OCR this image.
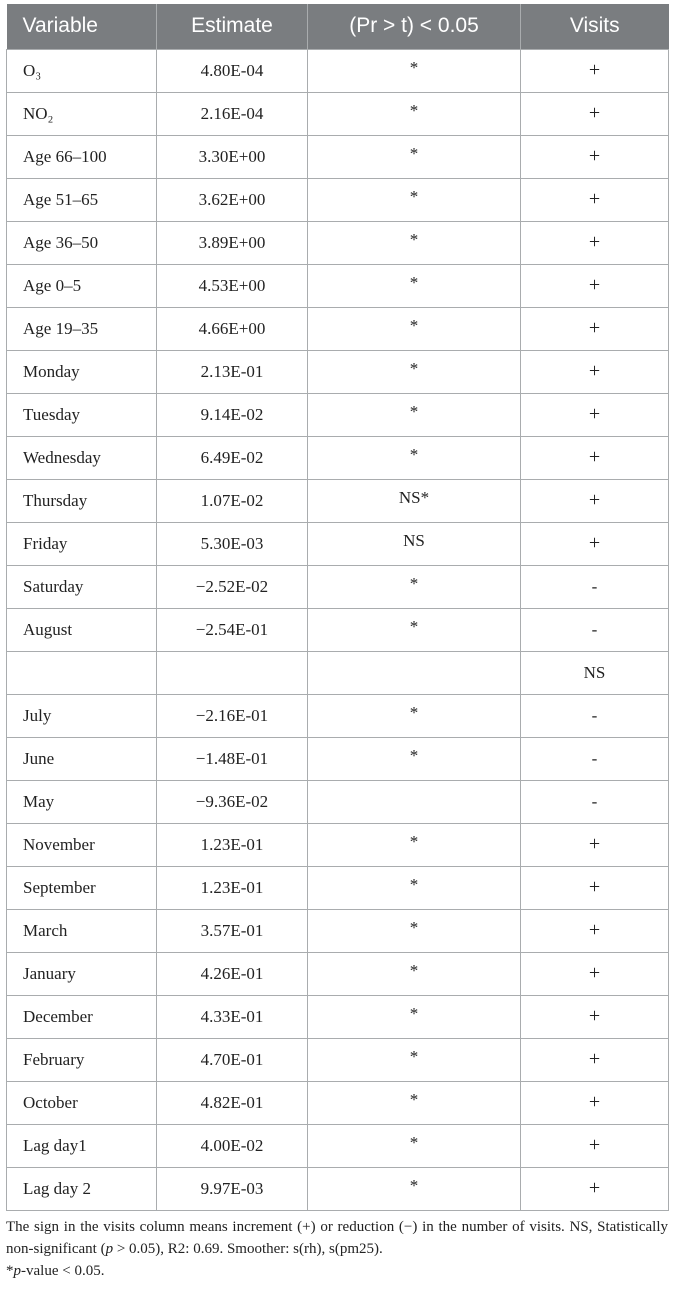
Variable	Estimate	(Pr > t) < 0.05	Visits
O₃	4.80E-04	*	+
NO₂	2.16E-04	*	+
Age 66–100	3.30E+00	*	+
Age 51–65	3.62E+00	*	+
Age 36–50	3.89E+00	*	+
Age 0–5	4.53E+00	*	+
Age 19–35	4.66E+00	*	+
Monday	2.13E-01	*	+
Tuesday	9.14E-02	*	+
Wednesday	6.49E-02	*	+
Thursday	1.07E-02	NS*	+
Friday	5.30E-03	NS	+
Saturday	−2.52E-02	*	-
August	−2.54E-01	*	-
			NS
July	−2.16E-01	*	-
June	−1.48E-01	*	-
May	−9.36E-02		-
November	1.23E-01	*	+
September	1.23E-01	*	+
March	3.57E-01	*	+
January	4.26E-01	*	+
December	4.33E-01	*	+
February	4.70E-01	*	+
October	4.82E-01	*	+
Lag day1	4.00E-02	*	+
Lag day 2	9.97E-03	*	+

The sign in the visits column means increment (+) or reduction (−) in the number of visits. NS, Statistically non-significant (p > 0.05), R2: 0.69. Smoother: s(rh), s(pm25).

*p-value < 0.05.
